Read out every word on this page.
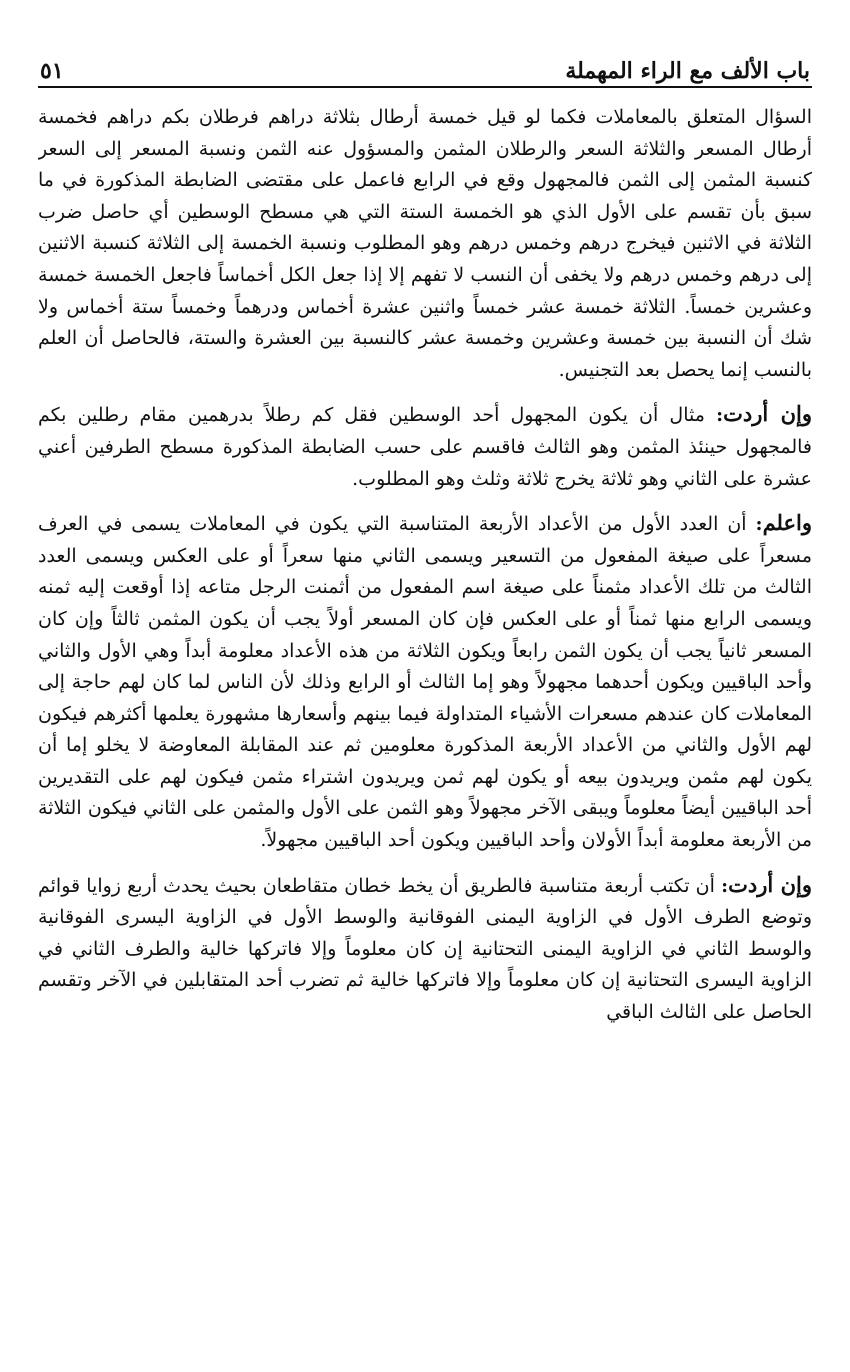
باب الألف مع الراء المهملة
٥١

السؤال المتعلق بالمعاملات فكما لو قيل خمسة أرطال بثلاثة دراهم فرطلان بكم دراهم فخمسة أرطال المسعر والثلاثة السعر والرطلان المثمن والمسؤول عنه الثمن ونسبة المسعر إلى السعر كنسبة المثمن إلى الثمن فالمجهول وقع في الرابع فاعمل على مقتضى الضابطة المذكورة في ما سبق بأن تقسم على الأول الذي هو الخمسة الستة التي هي مسطح الوسطين أي حاصل ضرب الثلاثة في الاثنين فيخرج درهم وخمس درهم وهو المطلوب ونسبة الخمسة إلى الثلاثة كنسبة الاثنين إلى درهم وخمس درهم ولا يخفى أن النسب لا تفهم إلا إذا جعل الكل أخماساً فاجعل الخمسة خمسة وعشرين خمساً. الثلاثة خمسة عشر خمساً واثنين عشرة أخماس ودرهماً وخمساً ستة أخماس ولا شك أن النسبة بين خمسة وعشرين وخمسة عشر كالنسبة بين العشرة والستة، فالحاصل أن العلم بالنسب إنما يحصل بعد التجنيس.

وإن أردت: مثال أن يكون المجهول أحد الوسطين فقل كم رطلاً بدرهمين مقام رطلين بكم فالمجهول حينئذ المثمن وهو الثالث فاقسم على حسب الضابطة المذكورة مسطح الطرفين أعني عشرة على الثاني وهو ثلاثة يخرج ثلاثة وثلث وهو المطلوب.

واعلم: أن العدد الأول من الأعداد الأربعة المتناسبة التي يكون في المعاملات يسمى في العرف مسعراً على صيغة المفعول من التسعير ويسمى الثاني منها سعراً أو على العكس ويسمى العدد الثالث من تلك الأعداد مثمناً على صيغة اسم المفعول من أثمنت الرجل متاعه إذا أوقعت إليه ثمنه ويسمى الرابع منها ثمناً أو على العكس فإن كان المسعر أولاً يجب أن يكون المثمن ثالثاً وإن كان المسعر ثانياً يجب أن يكون الثمن رابعاً ويكون الثلاثة من هذه الأعداد معلومة أبداً وهي الأول والثاني وأحد الباقيين ويكون أحدهما مجهولاً وهو إما الثالث أو الرابع وذلك لأن الناس لما كان لهم حاجة إلى المعاملات كان عندهم مسعرات الأشياء المتداولة فيما بينهم وأسعارها مشهورة يعلمها أكثرهم فيكون لهم الأول والثاني من الأعداد الأربعة المذكورة معلومين ثم عند المقابلة المعاوضة لا يخلو إما أن يكون لهم مثمن ويريدون بيعه أو يكون لهم ثمن ويريدون اشتراء مثمن فيكون لهم على التقديرين أحد الباقيين أيضاً معلوماً ويبقى الآخر مجهولاً وهو الثمن على الأول والمثمن على الثاني فيكون الثلاثة من الأربعة معلومة أبداً الأولان وأحد الباقيين ويكون أحد الباقيين مجهولاً.

وإن أردت: أن تكتب أربعة متناسبة فالطريق أن يخط خطان متقاطعان بحيث يحدث أربع زوايا قوائم وتوضع الطرف الأول في الزاوية اليمنى الفوقانية والوسط الأول في الزاوية اليسرى الفوقانية والوسط الثاني في الزاوية اليمنى التحتانية إن كان معلوماً وإلا فاتركها خالية والطرف الثاني في الزاوية اليسرى التحتانية إن كان معلوماً وإلا فاتركها خالية ثم تضرب أحد المتقابلين في الآخر وتقسم الحاصل على الثالث الباقي
